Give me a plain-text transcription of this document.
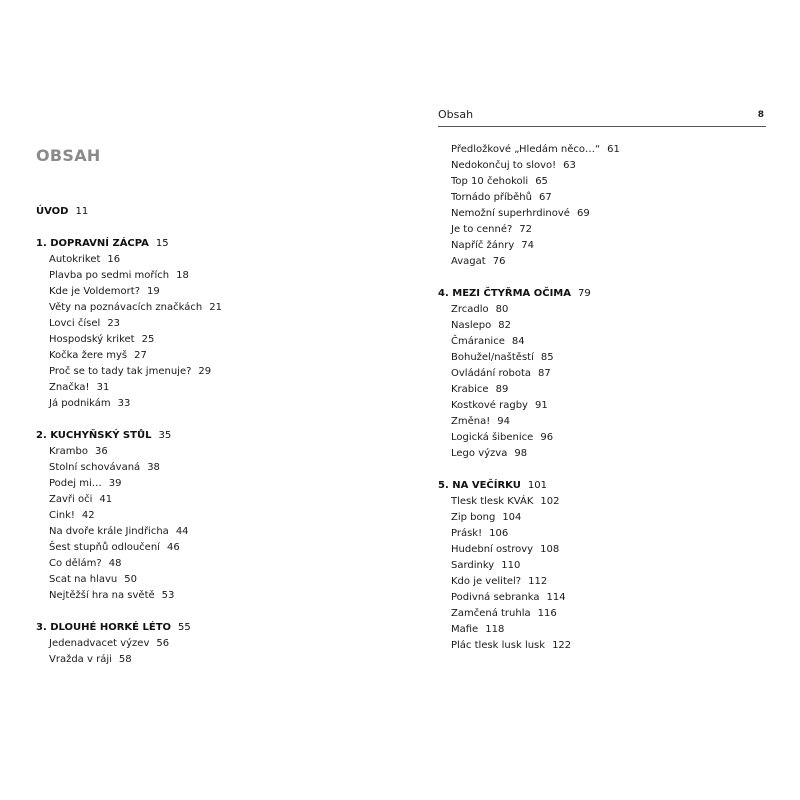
Obsah	8
OBSAH
ÚVOD 11
1. DOPRAVNÍ ZÁCPA 15
Autokriket 16
Plavba po sedmi mořích 18
Kde je Voldemort? 19
Věty na poznávacích značkách 21
Lovci čísel 23
Hospodský kriket 25
Kočka žere myš 27
Proč se to tady tak jmenuje? 29
Značka! 31
Já podnikám 33
2. KUCHYŇSKÝ STŮL 35
Krambo 36
Stolní schovávaná 38
Podej mi… 39
Zavři oči 41
Cink! 42
Na dvoře krále Jindřicha 44
Šest stupňů odloučení 46
Co dělám? 48
Scat na hlavu 50
Nejtěžší hra na světě 53
3. DLOUHÉ HORKÉ LÉTO 55
Jedenadvacet výzev 56
Vražda v ráji 58
Předložkové „Hledám něco…“ 61
Nedokončuj to slovo! 63
Top 10 čehokoli 65
Tornádo příběhů 67
Nemožní superhrdinové 69
Je to cenné? 72
Napříč žánry 74
Avagat 76
4. MEZI ČTYŘMA OČIMA 79
Zrcadlo 80
Naslepo 82
Čmáranice 84
Bohužel/naštěstí 85
Ovládání robota 87
Krabice 89
Kostkové ragby 91
Změna! 94
Logická šibenice 96
Lego výzva 98
5. NA VEČÍRKU 101
Tlesk tlesk KVÁK 102
Zip bong 104
Prásk! 106
Hudební ostrovy 108
Sardinky 110
Kdo je velitel? 112
Podivná sebranka 114
Zamčená truhla 116
Mafie 118
Plác tlesk lusk lusk 122
